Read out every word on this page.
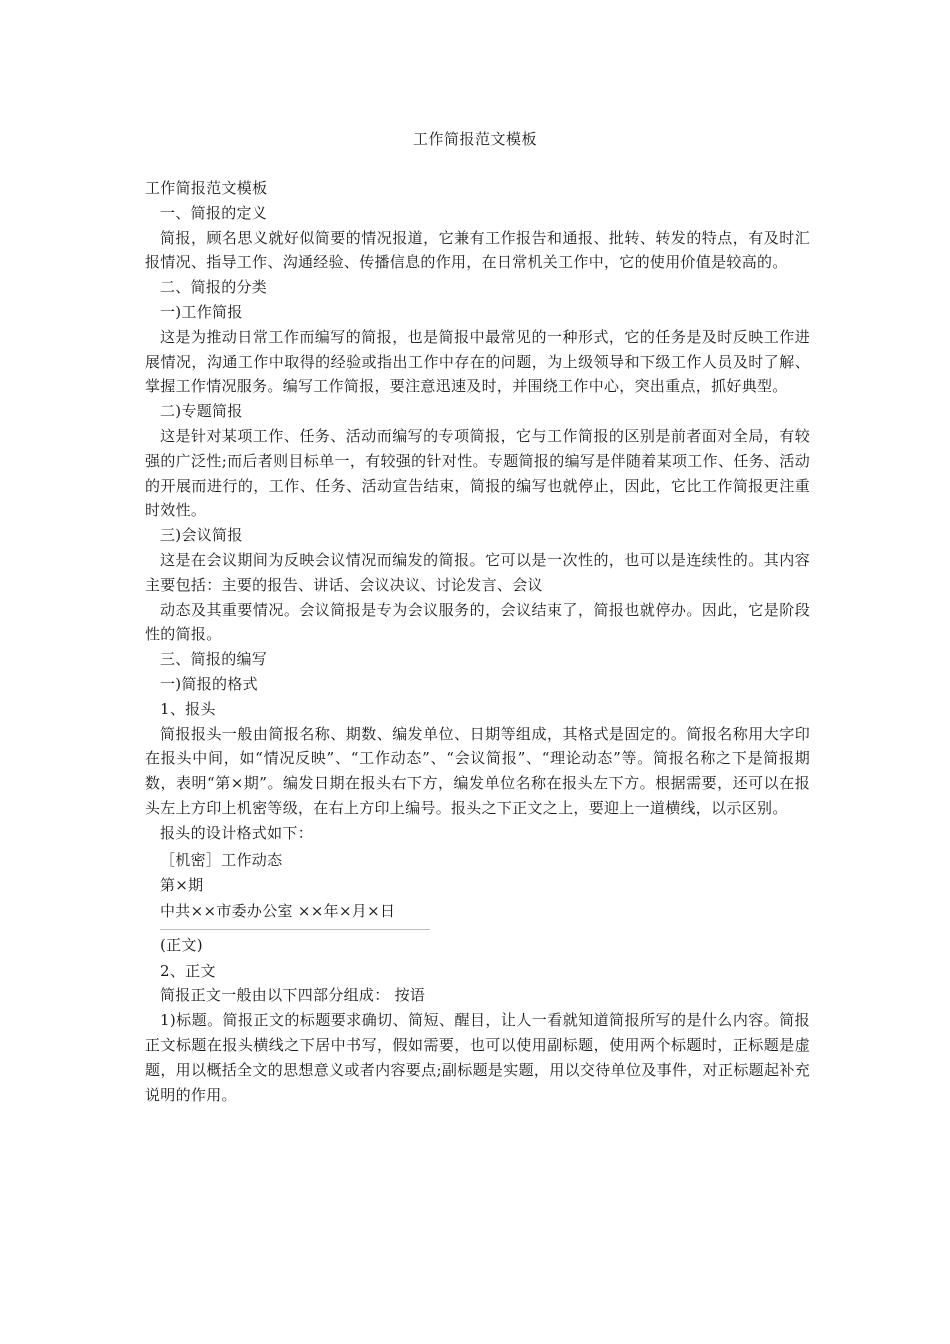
工作简报范文模板

工作简报范文模板

一、简报的定义

简报，顾名思义就好似简要的情况报道，它兼有工作报告和通报、批转、转发的特点，有及时汇报情况、指导工作、沟通经验、传播信息的作用，在日常机关工作中，它的使用价值是较高的。

二、简报的分类

一)工作简报

这是为推动日常工作而编写的简报，也是简报中最常见的一种形式，它的任务是及时反映工作进展情况，沟通工作中取得的经验或指出工作中存在的问题，为上级领导和下级工作人员及时了解、掌握工作情况服务。编写工作简报，要注意迅速及时，并围绕工作中心，突出重点，抓好典型。

二)专题简报

这是针对某项工作、任务、活动而编写的专项简报，它与工作简报的区别是前者面对全局，有较强的广泛性;而后者则目标单一，有较强的针对性。专题简报的编写是伴随着某项工作、任务、活动的开展而进行的，工作、任务、活动宣告结束，简报的编写也就停止，因此，它比工作简报更注重时效性。

三)会议简报

这是在会议期间为反映会议情况而编发的简报。它可以是一次性的，也可以是连续性的。其内容主要包括：主要的报告、讲话、会议决议、讨论发言、会议

动态及其重要情况。会议简报是专为会议服务的，会议结束了，简报也就停办。因此，它是阶段性的简报。

三、简报的编写

一)简报的格式

1、报头

简报报头一般由简报名称、期数、编发单位、日期等组成，其格式是固定的。简报名称用大字印在报头中间，如“情况反映”、“工作动态”、“会议简报”、“理论动态”等。简报名称之下是简报期数，表明“第×期”。编发日期在报头右下方，编发单位名称在报头左下方。根据需要，还可以在报头左上方印上机密等级，在右上方印上编号。报头之下正文之上，要迎上一道横线，以示区别。

报头的设计格式如下：

［机密］工作动态

第×期

中共××市委办公室 ××年×月×日

(正文)

2、正文

简报正文一般由以下四部分组成： 按语

1)标题。简报正文的标题要求确切、简短、醒目，让人一看就知道简报所写的是什么内容。简报正文标题在报头横线之下居中书写，假如需要，也可以使用副标题，使用两个标题时，正标题是虚题，用以概括全文的思想意义或者内容要点;副标题是实题，用以交待单位及事件，对正标题起补充说明的作用。
